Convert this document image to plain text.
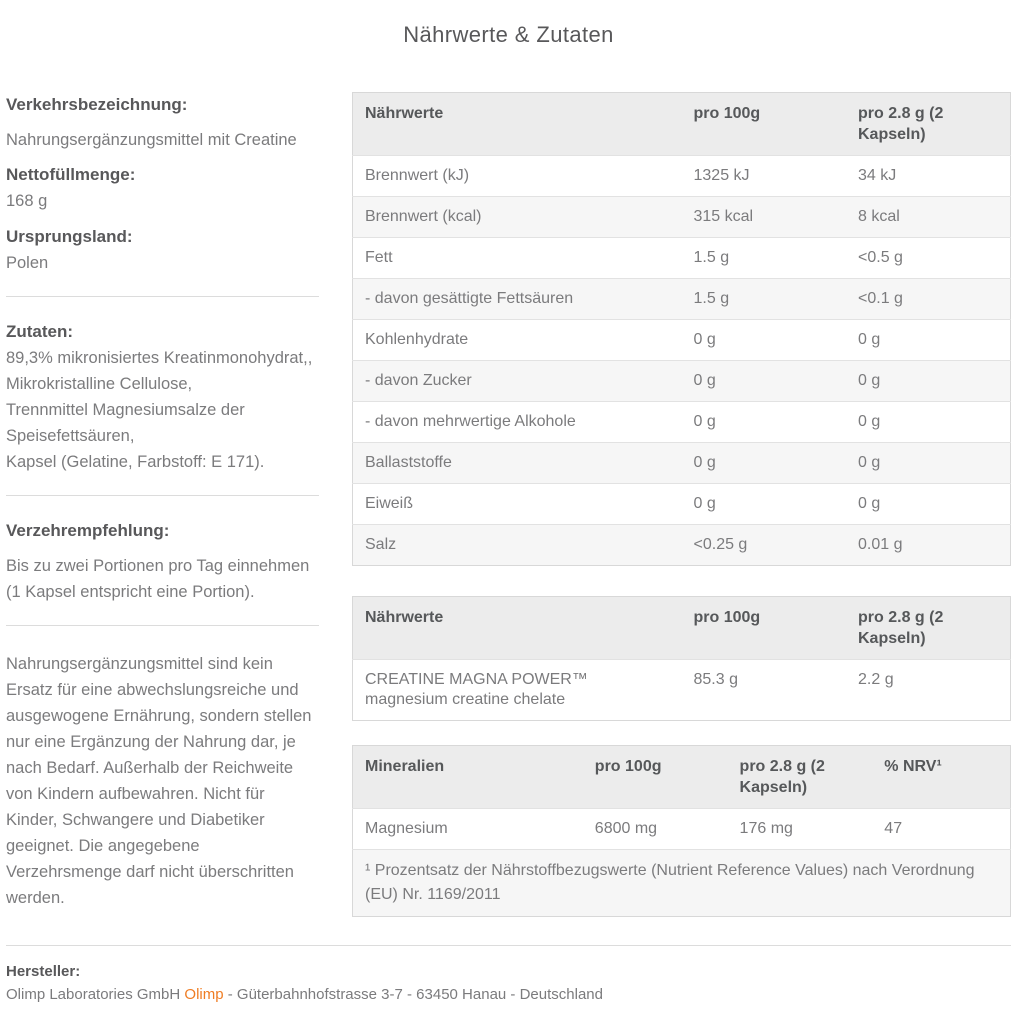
Nährwerte & Zutaten

Verkehrsbezeichnung:

Nahrungsergänzungsmittel mit Creatine

Nettofüllmenge:

168 g

Ursprungsland:

Polen

Zutaten:

89,3% mikronisiertes Kreatinmonohydrat,,

Mikrokristalline Cellulose,

Trennmittel Magnesiumsalze der Speisefettsäuren,

Kapsel (Gelatine, Farbstoff: E 171).

Verzehrempfehlung:

Bis zu zwei Portionen pro Tag einnehmen (1 Kapsel entspricht eine Portion).

Nahrungsergänzungsmittel sind kein Ersatz für eine abwechslungsreiche und ausgewogene Ernährung, sondern stellen nur eine Ergänzung der Nahrung dar, je nach Bedarf. Außerhalb der Reichweite von Kindern aufbewahren. Nicht für Kinder, Schwangere und Diabetiker geeignet. Die angegebene Verzehrsmenge darf nicht überschritten werden.

Nährwerte	pro 100g	pro 2.8 g (2 Kapseln)
Brennwert (kJ)	1325 kJ	34 kJ
Brennwert (kcal)	315 kcal	8 kcal
Fett	1.5 g	<0.5 g
- davon gesättigte Fettsäuren	1.5 g	<0.1 g
Kohlenhydrate	0 g	0 g
- davon Zucker	0 g	0 g
- davon mehrwertige Alkohole	0 g	0 g
Ballaststoffe	0 g	0 g
Eiweiß	0 g	0 g
Salz	<0.25 g	0.01 g
Nährwerte	pro 100g	pro 2.8 g (2 Kapseln)
CREATINE MAGNA POWER™ magnesium creatine chelate	85.3 g	2.2 g
Mineralien	pro 100g	pro 2.8 g (2 Kapseln)	% NRV¹
Magnesium	6800 mg	176 mg	47
¹ Prozentsatz der Nährstoffbezugswerte (Nutrient Reference Values) nach Verordnung (EU) Nr. 1169/2011			

Hersteller:

Olimp Laboratories GmbH Olimp - Güterbahnhofstrasse 3-7 - 63450 Hanau - Deutschland
